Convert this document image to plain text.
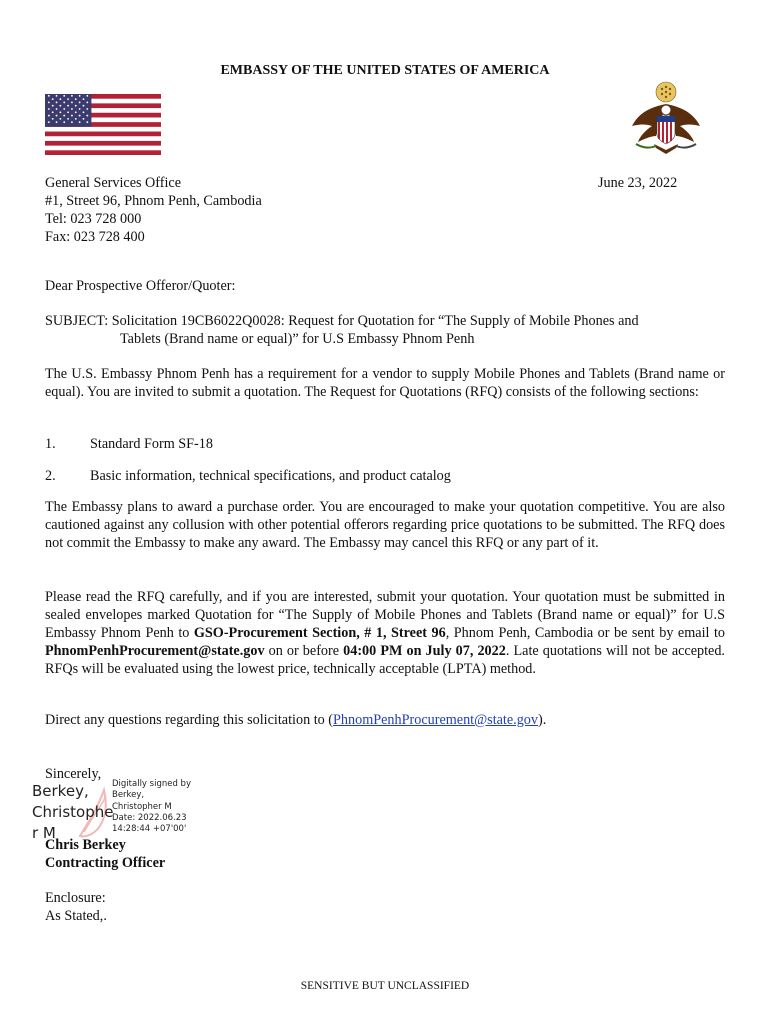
EMBASSY OF THE UNITED STATES OF AMERICA
General Services Office
#1, Street 96, Phnom Penh, Cambodia
Tel: 023 728 000
Fax: 023 728 400
June 23, 2022
Dear Prospective Offeror/Quoter:
SUBJECT: Solicitation 19CB6022Q0028: Request for Quotation for “The Supply of Mobile Phones and
Tablets (Brand name or equal)” for U.S Embassy Phnom Penh
The U.S. Embassy Phnom Penh has a requirement for a vendor to supply Mobile Phones and Tablets (Brand name or equal). You are invited to submit a quotation. The Request for Quotations (RFQ) consists of the following sections:
1. Standard Form SF-18
2. Basic information, technical specifications, and product catalog
The Embassy plans to award a purchase order. You are encouraged to make your quotation competitive. You are also cautioned against any collusion with other potential offerors regarding price quotations to be submitted. The RFQ does not commit the Embassy to make any award. The Embassy may cancel this RFQ or any part of it.
Please read the RFQ carefully, and if you are interested, submit your quotation. Your quotation must be submitted in sealed envelopes marked Quotation for “The Supply of Mobile Phones and Tablets (Brand name or equal)” for U.S Embassy Phnom Penh to GSO-Procurement Section, # 1, Street 96, Phnom Penh, Cambodia or be sent by email to PhnomPenhProcurement@state.gov on or before 04:00 PM on July 07, 2022. Late quotations will not be accepted. RFQs will be evaluated using the lowest price, technically acceptable (LPTA) method.
Direct any questions regarding this solicitation to (PhnomPenhProcurement@state.gov).
Sincerely,
Berkey,
Christophe
r M
Digitally signed by
Berkey,
Christopher M
Date: 2022.06.23
14:28:44 +07'00'
Chris Berkey
Contracting Officer
Enclosure:
As Stated,.
SENSITIVE BUT UNCLASSIFIED
